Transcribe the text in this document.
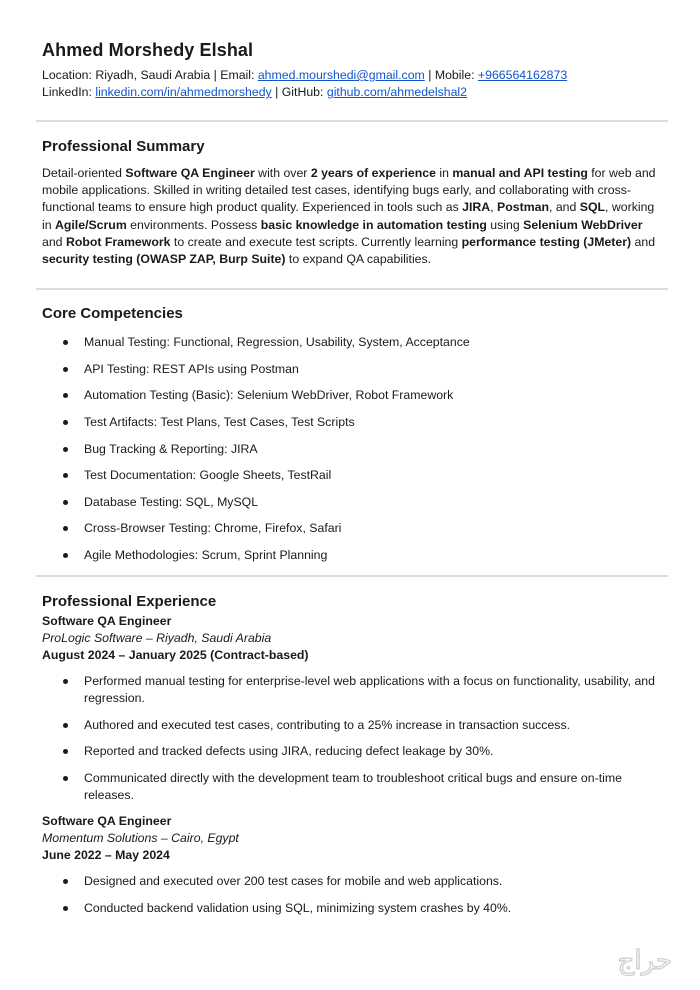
Ahmed Morshedy Elshal
Location: Riyadh, Saudi Arabia | Email: ahmed.mourshedi@gmail.com | Mobile: +966564162873
LinkedIn: linkedin.com/in/ahmedmorshedy | GitHub: github.com/ahmedelshal2
Professional Summary
Detail-oriented Software QA Engineer with over 2 years of experience in manual and API testing for web and mobile applications. Skilled in writing detailed test cases, identifying bugs early, and collaborating with cross-functional teams to ensure high product quality. Experienced in tools such as JIRA, Postman, and SQL, working in Agile/Scrum environments. Possess basic knowledge in automation testing using Selenium WebDriver and Robot Framework to create and execute test scripts. Currently learning performance testing (JMeter) and security testing (OWASP ZAP, Burp Suite) to expand QA capabilities.
Core Competencies
Manual Testing: Functional, Regression, Usability, System, Acceptance
API Testing: REST APIs using Postman
Automation Testing (Basic): Selenium WebDriver, Robot Framework
Test Artifacts: Test Plans, Test Cases, Test Scripts
Bug Tracking & Reporting: JIRA
Test Documentation: Google Sheets, TestRail
Database Testing: SQL, MySQL
Cross-Browser Testing: Chrome, Firefox, Safari
Agile Methodologies: Scrum, Sprint Planning
Professional Experience
Software QA Engineer
ProLogic Software – Riyadh, Saudi Arabia
August 2024 – January 2025 (Contract-based)
Performed manual testing for enterprise-level web applications with a focus on functionality, usability, and regression.
Authored and executed test cases, contributing to a 25% increase in transaction success.
Reported and tracked defects using JIRA, reducing defect leakage by 30%.
Communicated directly with the development team to troubleshoot critical bugs and ensure on-time releases.
Software QA Engineer
Momentum Solutions – Cairo, Egypt
June 2022 – May 2024
Designed and executed over 200 test cases for mobile and web applications.
Conducted backend validation using SQL, minimizing system crashes by 40%.
حراج
